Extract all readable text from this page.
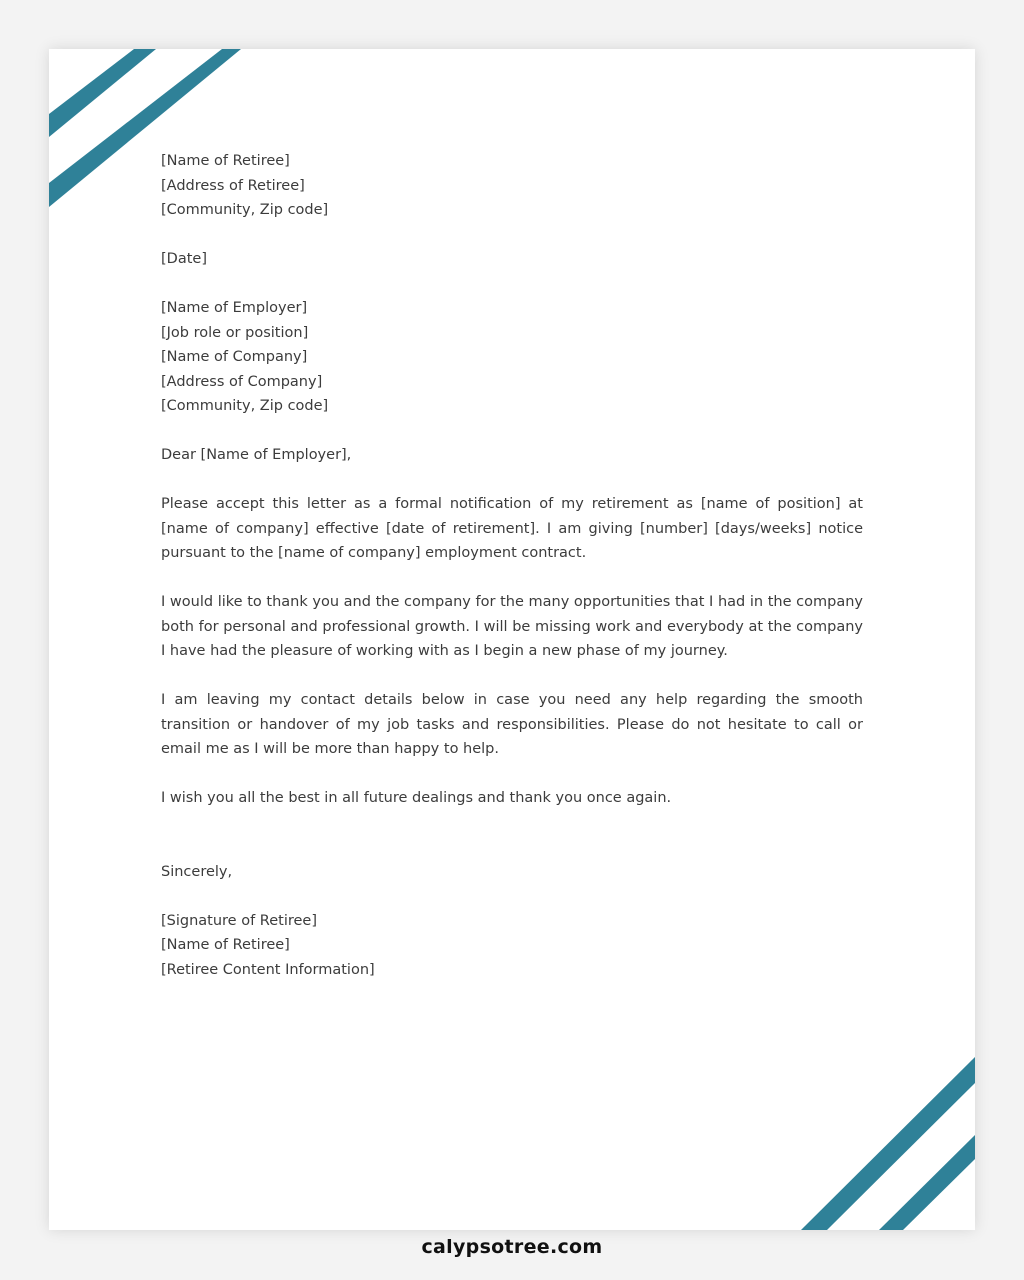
[Name of Retiree]
[Address of Retiree]
[Community, Zip code]
[Date]
[Name of Employer]
[Job role or position]
[Name of Company]
[Address of Company]
[Community, Zip code]
Dear [Name of Employer],

Please accept this letter as a formal notification of my retirement as [name of position] at [name of company] effective [date of retirement]. I am giving [number] [days/weeks] notice pursuant to the [name of company] employment contract.

I would like to thank you and the company for the many opportunities that I had in the company both for personal and professional growth. I will be missing work and everybody at the company I have had the pleasure of working with as I begin a new phase of my journey.

I am leaving my contact details below in case you need any help regarding the smooth transition or handover of my job tasks and responsibilities. Please do not hesitate to call or email me as I will be more than happy to help.

I wish you all the best in all future dealings and thank you once again.

Sincerely,
[Signature of Retiree]
[Name of Retiree]
[Retiree Content Information]
calypsotree.com
